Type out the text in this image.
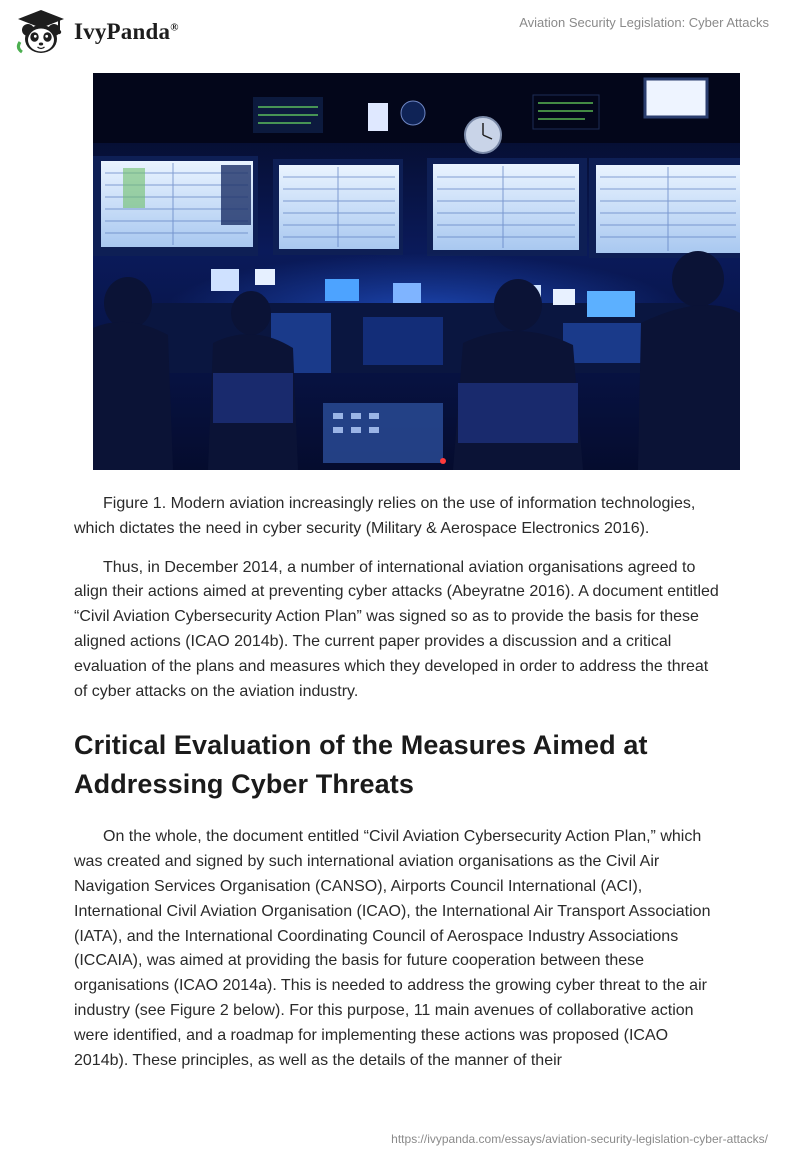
IvyPanda®	Aviation Security Legislation: Cyber Attacks

Figure 1. Modern aviation increasingly relies on the use of information technologies, which dictates the need in cyber security (Military & Aerospace Electronics 2016).

Thus, in December 2014, a number of international aviation organisations agreed to align their actions aimed at preventing cyber attacks (Abeyratne 2016). A document entitled “Civil Aviation Cybersecurity Action Plan” was signed so as to provide the basis for these aligned actions (ICAO 2014b). The current paper provides a discussion and a critical evaluation of the plans and measures which they developed in order to address the threat of cyber attacks on the aviation industry.

Critical Evaluation of the Measures Aimed at Addressing Cyber Threats

On the whole, the document entitled “Civil Aviation Cybersecurity Action Plan,” which was created and signed by such international aviation organisations as the Civil Air Navigation Services Organisation (CANSO), Airports Council International (ACI), International Civil Aviation Organisation (ICAO), the International Air Transport Association (IATA), and the International Coordinating Council of Aerospace Industry Associations (ICCAIA), was aimed at providing the basis for future cooperation between these organisations (ICAO 2014a). This is needed to address the growing cyber threat to the air industry (see Figure 2 below). For this purpose, 11 main avenues of collaborative action were identified, and a roadmap for implementing these actions was proposed (ICAO 2014b). These principles, as well as the details of the manner of their

https://ivypanda.com/essays/aviation-security-legislation-cyber-attacks/
